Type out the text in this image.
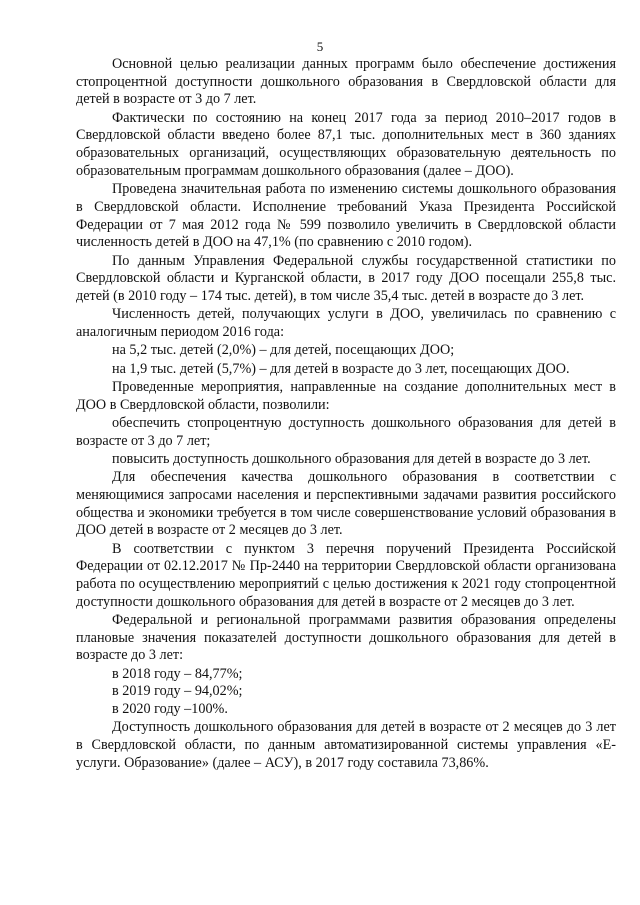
5

Основной целью реализации данных программ было обеспечение достижения стопроцентной доступности дошкольного образования в Свердловской области для детей в возрасте от 3 до 7 лет.

Фактически по состоянию на конец 2017 года за период 2010–2017 годов в Свердловской области введено более 87,1 тыс. дополнительных мест в 360 зданиях образовательных организаций, осуществляющих образовательную деятельность по образовательным программам дошкольного образования (далее – ДОО).

Проведена значительная работа по изменению системы дошкольного образования в Свердловской области. Исполнение требований Указа Президента Российской Федерации от 7 мая 2012 года № 599 позволило увеличить в Свердловской области численность детей в ДОО на 47,1% (по сравнению с 2010 годом).

По данным Управления Федеральной службы государственной статистики по Свердловской области и Курганской области, в 2017 году ДОО посещали 255,8 тыс. детей (в 2010 году – 174 тыс. детей), в том числе 35,4 тыс. детей в возрасте до 3 лет.

Численность детей, получающих услуги в ДОО, увеличилась по сравнению с аналогичным периодом 2016 года:

на 5,2 тыс. детей (2,0%) – для детей, посещающих ДОО;

на 1,9 тыс. детей (5,7%) – для детей в возрасте до 3 лет, посещающих ДОО.

Проведенные мероприятия, направленные на создание дополнительных мест в ДОО в Свердловской области, позволили:

обеспечить стопроцентную доступность дошкольного образования для детей в возрасте от 3 до 7 лет;

повысить доступность дошкольного образования для детей в возрасте до 3 лет.

Для обеспечения качества дошкольного образования в соответствии с меняющимися запросами населения и перспективными задачами развития российского общества и экономики требуется в том числе совершенствование условий образования в ДОО детей в возрасте от 2 месяцев до 3 лет.

В соответствии с пунктом 3 перечня поручений Президента Российской Федерации от 02.12.2017 № Пр-2440 на территории Свердловской области организована работа по осуществлению мероприятий с целью достижения к 2021 году стопроцентной доступности дошкольного образования для детей в возрасте от 2 месяцев до 3 лет.

Федеральной и региональной программами развития образования определены плановые значения показателей доступности дошкольного образования для детей в возрасте до 3 лет:

в 2018 году – 84,77%;

в 2019 году – 94,02%;

в 2020 году –100%.

Доступность дошкольного образования для детей в возрасте от 2 месяцев до 3 лет в Свердловской области, по данным автоматизированной системы управления «Е-услуги. Образование» (далее – АСУ), в 2017 году составила 73,86%.
